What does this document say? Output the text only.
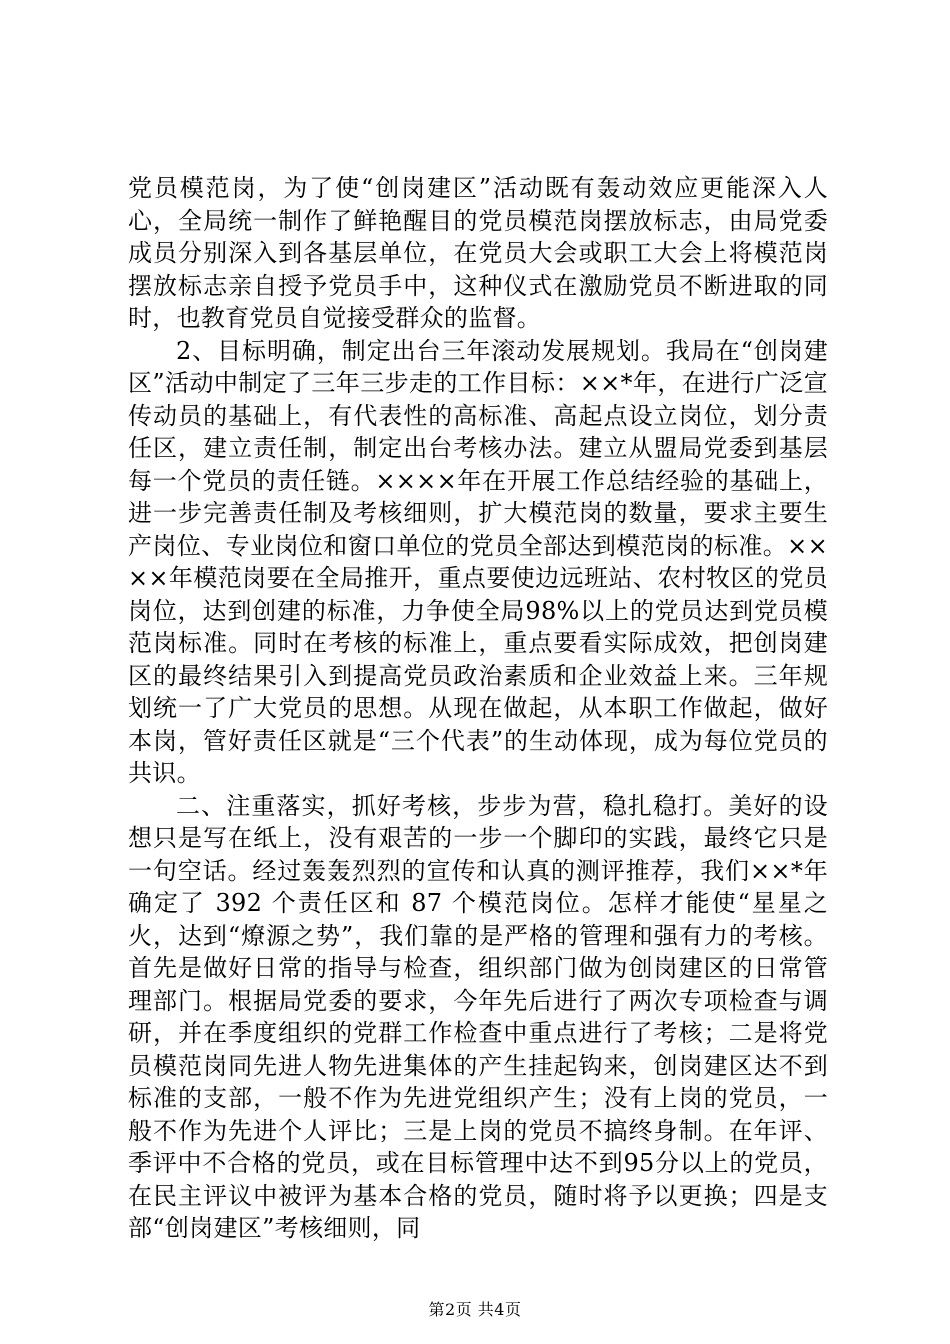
党员模范岗，为了使“创岗建区”活动既有轰动效应更能深入人心，全局统一制作了鲜艳醒目的党员模范岗摆放标志，由局党委成员分别深入到各基层单位，在党员大会或职工大会上将模范岗摆放标志亲自授予党员手中，这种仪式在激励党员不断进取的同时，也教育党员自觉接受群众的监督。

2、目标明确，制定出台三年滚动发展规划。我局在“创岗建区”活动中制定了三年三步走的工作目标：××*年，在进行广泛宣传动员的基础上，有代表性的高标准、高起点设立岗位，划分责任区，建立责任制，制定出台考核办法。建立从盟局党委到基层每一个党员的责任链。××××年在开展工作总结经验的基础上，进一步完善责任制及考核细则，扩大模范岗的数量，要求主要生产岗位、专业岗位和窗口单位的党员全部达到模范岗的标准。××××年模范岗要在全局推开，重点要使边远班站、农村牧区的党员岗位，达到创建的标准，力争使全局98%以上的党员达到党员模范岗标准。同时在考核的标准上，重点要看实际成效，把创岗建区的最终结果引入到提高党员政治素质和企业效益上来。三年规划统一了广大党员的思想。从现在做起，从本职工作做起，做好本岗，管好责任区就是“三个代表”的生动体现，成为每位党员的共识。

二、注重落实，抓好考核，步步为营，稳扎稳打。美好的设想只是写在纸上，没有艰苦的一步一个脚印的实践，最终它只是一句空话。经过轰轰烈烈的宣传和认真的测评推荐，我们××*年确定了 392 个责任区和 87 个模范岗位。怎样才能使“星星之火，达到“燎源之势”，我们靠的是严格的管理和强有力的考核。首先是做好日常的指导与检查，组织部门做为创岗建区的日常管理部门。根据局党委的要求，今年先后进行了两次专项检查与调研，并在季度组织的党群工作检查中重点进行了考核；二是将党员模范岗同先进人物先进集体的产生挂起钩来，创岗建区达不到标准的支部，一般不作为先进党组织产生；没有上岗的党员，一般不作为先进个人评比；三是上岗的党员不搞终身制。在年评、季评中不合格的党员，或在目标管理中达不到95分以上的党员，在民主评议中被评为基本合格的党员，随时将予以更换；四是支部“创岗建区”考核细则，同

第2页 共4页
